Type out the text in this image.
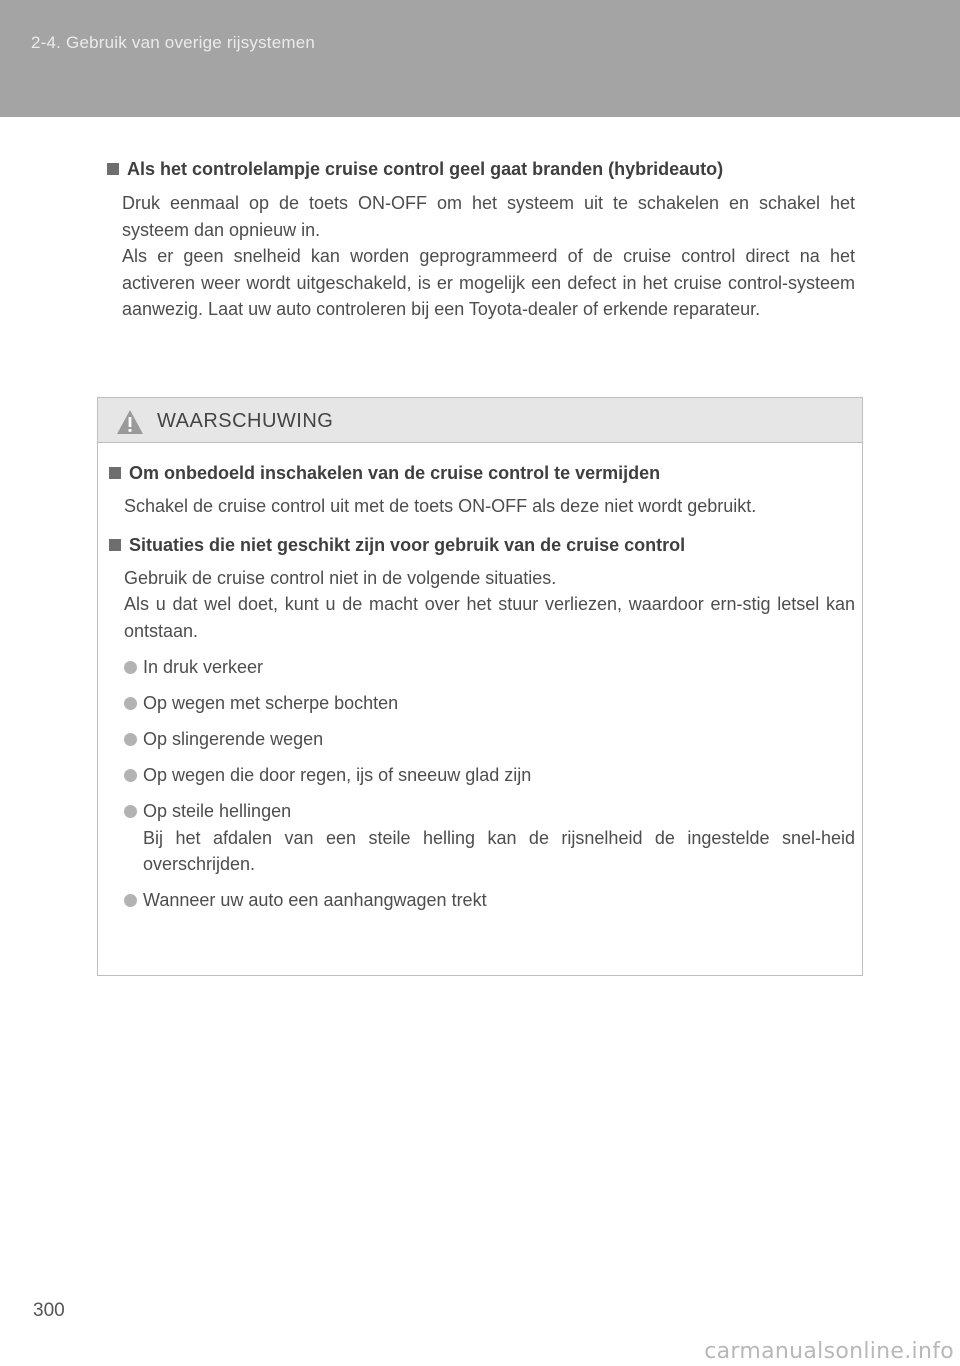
2-4. Gebruik van overige rijsystemen
Als het controlelampje cruise control geel gaat branden (hybrideauto)

Druk eenmaal op de toets ON-OFF om het systeem uit te schakelen en schakel het systeem dan opnieuw in.

Als er geen snelheid kan worden geprogrammeerd of de cruise control direct na het activeren weer wordt uitgeschakeld, is er mogelijk een defect in het cruise control-systeem aanwezig. Laat uw auto controleren bij een Toyota-dealer of erkende reparateur.

WAARSCHUWING
Om onbedoeld inschakelen van de cruise control te vermijden

Schakel de cruise control uit met de toets ON-OFF als deze niet wordt gebruikt.

Situaties die niet geschikt zijn voor gebruik van de cruise control

Gebruik de cruise control niet in de volgende situaties.

Als u dat wel doet, kunt u de macht over het stuur verliezen, waardoor ern-stig letsel kan ontstaan.

In druk verkeer
Op wegen met scherpe bochten
Op slingerende wegen
Op wegen die door regen, ijs of sneeuw glad zijn
Op steile hellingen
Bij het afdalen van een steile helling kan de rijsnelheid de ingestelde snel-heid overschrijden.
Wanneer uw auto een aanhangwagen trekt
300
carmanualsonline.info
